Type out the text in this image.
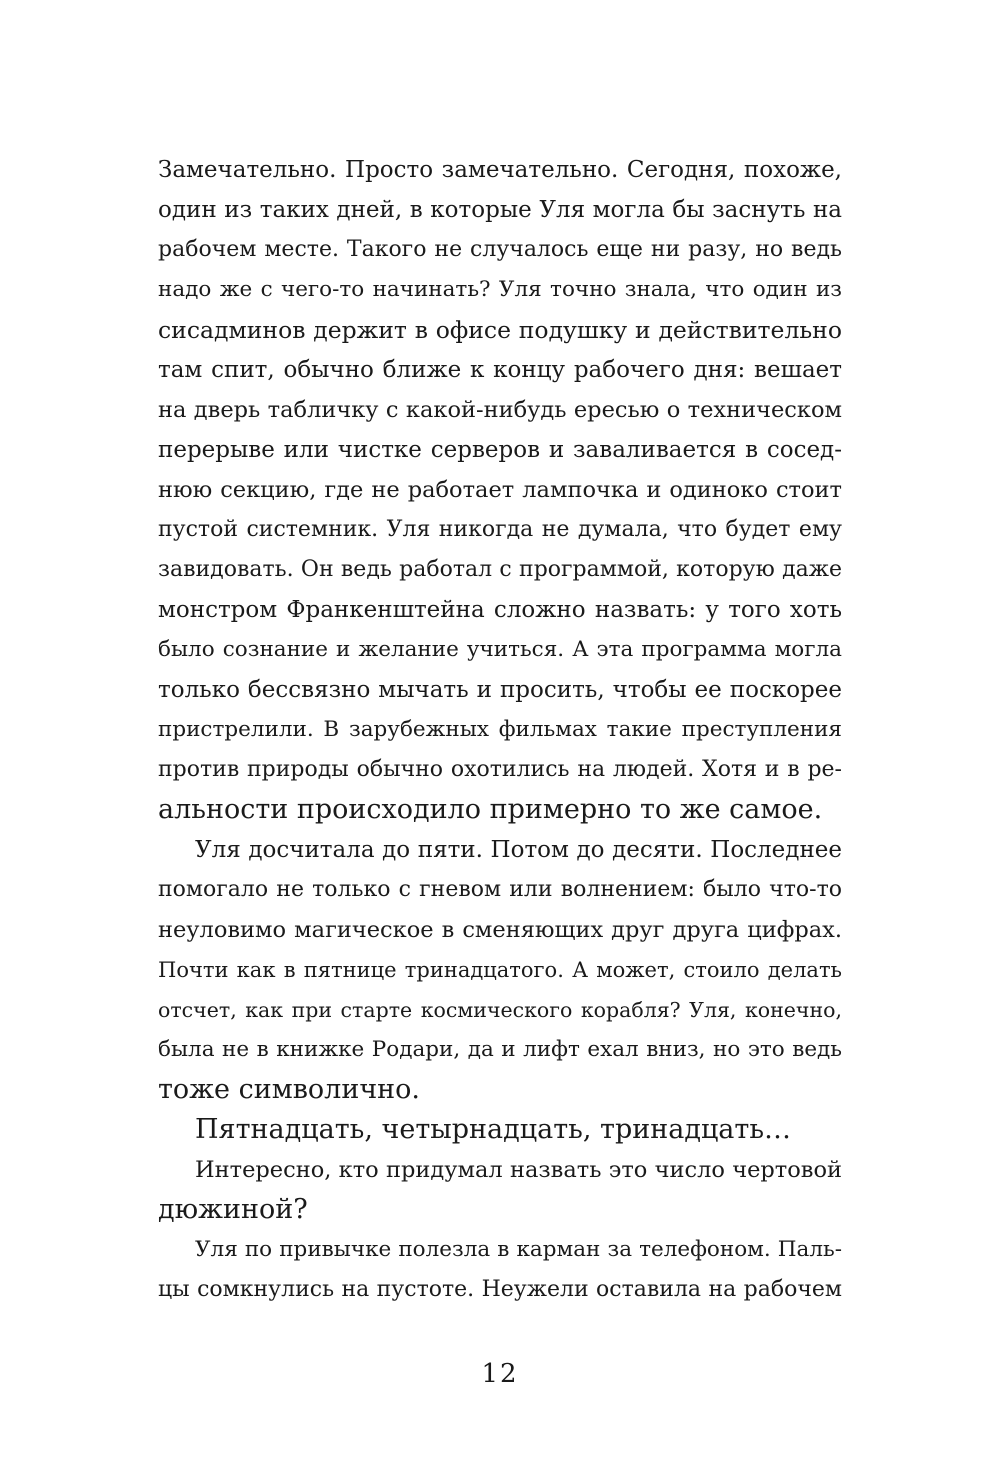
Замечательно. Просто замечательно. Сегодня, похоже,
один из таких дней, в которые Уля могла бы заснуть на
рабочем месте. Такого не случалось еще ни разу, но ведь
надо же с чего-то начинать? Уля точно знала, что один из
сисадминов держит в офисе подушку и действительно
там спит, обычно ближе к концу рабочего дня: вешает
на дверь табличку с какой-нибудь ересью о техническом
перерыве или чистке серверов и заваливается в сосед-
нюю секцию, где не работает лампочка и одиноко стоит
пустой системник. Уля никогда не думала, что будет ему
завидовать. Он ведь работал с программой, которую даже
монстром Франкенштейна сложно назвать: у того хоть
было сознание и желание учиться. А эта программа могла
только бессвязно мычать и просить, чтобы ее поскорее
пристрелили. В зарубежных фильмах такие преступления
против природы обычно охотились на людей. Хотя и в ре-
альности происходило примерно то же самое.
Уля досчитала до пяти. Потом до десяти. Последнее
помогало не только с гневом или волнением: было что-то
неуловимо магическое в сменяющих друг друга цифрах.
Почти как в пятнице тринадцатого. А может, стоило делать
отсчет, как при старте космического корабля? Уля, конечно,
была не в книжке Родари, да и лифт ехал вниз, но это ведь
тоже символично.
Пятнадцать, четырнадцать, тринадцать…
Интересно, кто придумал назвать это число чертовой
дюжиной?
Уля по привычке полезла в карман за телефоном. Паль-
цы сомкнулись на пустоте. Неужели оставила на рабочем
12
